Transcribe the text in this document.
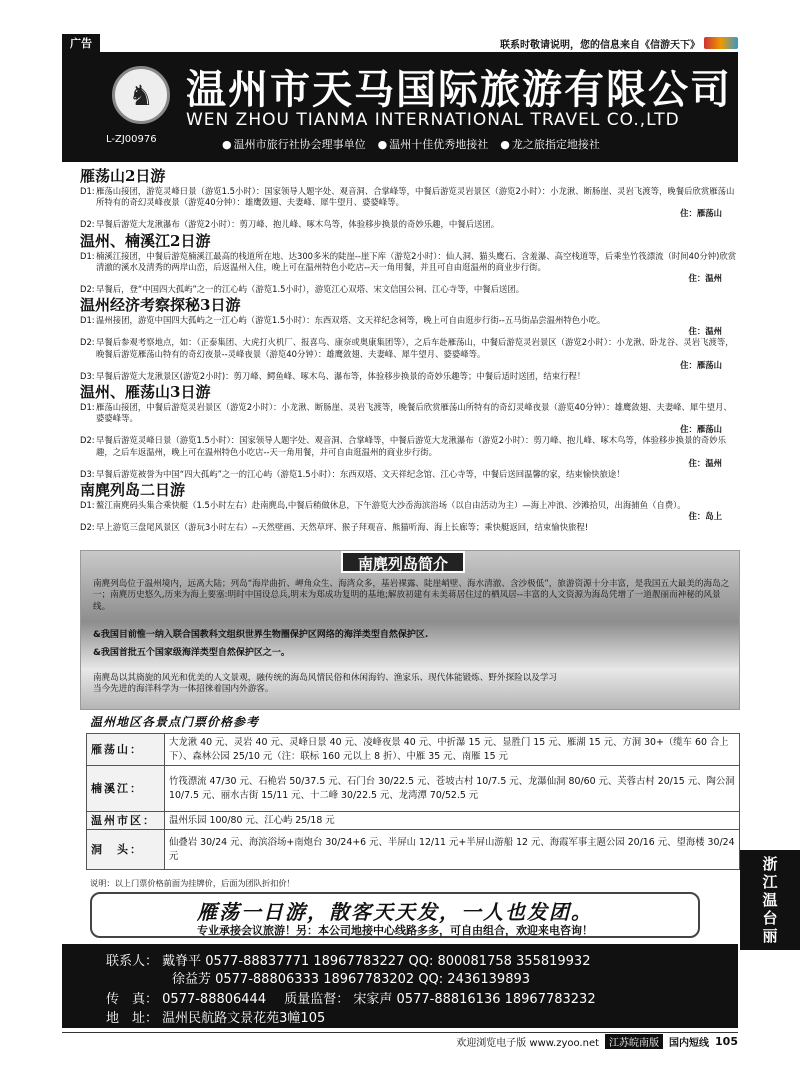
广告	联系时敬请说明，您的信息来自《信游天下》
♞ 温州市天马国际旅游有限公司
WEN ZHOU TIANMA INTERNATIONAL TRAVEL CO.,LTD
L-ZJ00976	● 温州市旅行社协会理事单位	● 温州十佳优秀地接社	● 龙之旅指定地接社
雁荡山2日游
D1: 雁荡山接团，游览灵峰日景（游览1.5小时）：国家领导人题字处、观音洞、合掌峰等，中餐后游览灵岩景区（游览2小时）：小龙湫、断肠崖、灵岩飞渡等，晚餐后欣赏雁荡山所特有的奇幻灵峰夜景（游览40分钟）：雄鹰敛翅、夫妻峰、犀牛望月、婆婆峰等。
住：雁荡山
D2: 早餐后游览大龙湫瀑布（游览2小时）：剪刀峰、抱儿峰、啄木鸟等，体验移步换景的奇妙乐趣，中餐后送团。
温州、楠溪江2日游
D1: 楠溪江接团，中餐后游览楠溪江最高的栈道所在地、达300多米的陡崖--崖下库（游览2小时）：仙人洞、猫头鹰石、含羞瀑、高空栈道等，后乘坐竹筏漂流（时间40分钟)欣赏清澈的溪水及清秀的两岸山峦，后返温州入住，晚上可在温州特色小吃店--天一角用餐，并且可自由逛温州的商业步行街。
住：温州
D2: 早餐后，登“中国四大孤屿”之一的江心屿（游览1.5小时），游览江心双塔、宋文信国公祠、江心寺等，中餐后送团。
温州经济考察探秘3日游
D1: 温州接团，游览中国四大孤屿之一江心屿（游览1.5小时）：东西双塔、文天祥纪念祠等，晚上可自由逛步行街--五马街品尝温州特色小吃。
住：温州
D2: 早餐后参观考察地点，如：（正泰集团、大虎打火机厂、报喜鸟、康奈或奥康集团等），之后车赴雁荡山，中餐后游览灵岩景区（游览2小时）：小龙湫、卧龙谷、灵岩飞渡等，晚餐后游览雁荡山特有的奇幻夜景--灵峰夜景（游览40分钟）：雄鹰敛翅、夫妻峰、犀牛望月、婆婆峰等。
住：雁荡山
D3: 早餐后游览大龙湫景区(游览2小时)：剪刀峰、鳄鱼峰、啄木鸟、瀑布等，体验移步换景的奇妙乐趣等；中餐后适时送团，结束行程！
温州、雁荡山3日游
D1: 雁荡山接团，中餐后游览灵岩景区（游览2小时）：小龙湫、断肠崖、灵岩飞渡等，晚餐后欣赏雁荡山所特有的奇幻灵峰夜景（游览40分钟）：雄鹰敛翅、夫妻峰、犀牛望月、婆婆峰等。
住：雁荡山
D2: 早餐后游览灵峰日景（游览1.5小时）：国家领导人题字处、观音洞、合掌峰等，中餐后游览大龙湫瀑布（游览2小时）：剪刀峰、抱儿峰、啄木鸟等，体验移步换景的奇妙乐趣，之后车返温州，晚上可在温州特色小吃店--天一角用餐，并可自由逛温州的商业步行街。
住：温州
D3: 早餐后游览被誉为中国“四大孤屿”之一的江心屿（游览1.5小时）：东西双塔、文天祥纪念馆、江心寺等，中餐后送回温馨的家，结束愉快旅途！
南麂列岛二日游
D1: 鳌江南麂码头集合乘快艇（1.5小时左右）赴南麂岛,中餐后稍做休息，下午游览大沙岙海滨浴场（以自由活动为主）—海上冲浪、沙滩拾贝，出海捕鱼（自费）。
住：岛上
D2: 早上游览三盘尾风景区（游玩3小时左右）--天然壁画、天然草坪、猴子拜观音、熊猫听海、海上长廊等；乘快艇返回，结束愉快旅程!
南麂列岛简介
南麂列岛位于温州境内，远离大陆；列岛“海岸曲折、岬角众生、海湾众多，基岩裸露、陡崖峭壁、海水清澈、含沙极低”，旅游资源十分丰富，是我国五大最美的海岛之一；南麂历史悠久,历来为海上要塞:明时中国设总兵,明末为郑成功复明的基地;解放初建有未美蒋居住过的栖凤居--丰富的人文资源为海岛凭增了一道靓丽而神秘的风景线。
&我国目前惟一纳入联合国教科文组织世界生物圈保护区网络的海洋类型自然保护区.
&我国首批五个国家级海洋类型自然保护区之一。
南麂岛以其旖旎的风光和优美的人文景观，融传统的海岛风情民俗和休闲海钓、渔家乐、现代体能锻炼、野外探险以及学习当今先进的海洋科学为一体招徕着国内外游客。
温州地区各景点门票价格参考
雁荡山：	大龙湫 40 元、灵岩 40 元、灵峰日景 40 元、凌峰夜景 40 元、中折瀑 15 元、显胜门 15 元、雁湖 15 元、方洞 30+（缆车 60 合上下）、森林公园 25/10 元（注：联标 160 元以上 8 折）、中雁 35 元、南雁 15 元
楠溪江：	竹筏漂流 47/30 元、石桅岩 50/37.5 元、石门台 30/22.5 元、苍坡古村 10/7.5 元、龙瀑仙洞 80/60 元、芙蓉古村 20/15 元、陶公洞 10/7.5 元、丽水古街 15/11 元、十二峰 30/22.5 元、龙湾潭 70/52.5 元
温州市区：	温州乐园 100/80 元、江心屿 25/18 元
洞　头：	仙叠岩 30/24 元、海滨浴场+南炮台 30/24+6 元、半屏山 12/11 元+半屏山游船 12 元、海霞军事主题公园 20/16 元、望海楼 30/24 元
说明：以上门票价格前面为挂牌价，后面为团队折扣价！
雁荡一日游，散客天天发，一人也发团。
专业承接会议旅游！另：本公司地接中心线路多多，可自由组合，欢迎来电咨询！
联系人： 戴脊平 0577-88837771 18967783227 QQ: 800081758 355819932
徐益芳 0577-88806333 18967783202 QQ: 2436139893
传　真： 0577-88806444 质量监督： 宋家声 0577-88816136 18967783232
地　址： 温州民航路文景花苑3幢105
浙
江
温
台
丽
欢迎浏览电子版 www.zyoo.net	江苏皖南版	国内短线 105
